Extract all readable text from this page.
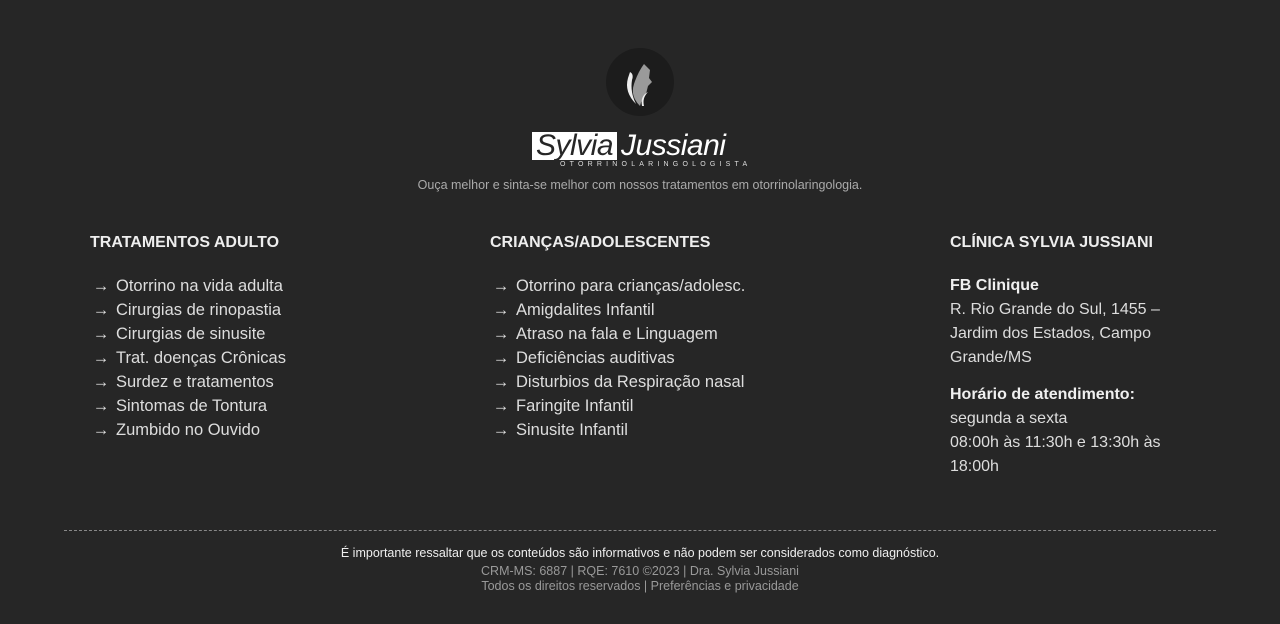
Sylvia Jussiani
OTORRINOLARINGOLOGISTA
Ouça melhor e sinta-se melhor com nossos tratamentos em otorrinolaringologia.
TRATAMENTOS ADULTO
→ Otorrino na vida adulta
→ Cirurgias de rinopastia
→ Cirurgias de sinusite
→ Trat. doenças Crônicas
→ Surdez e tratamentos
→ Sintomas de Tontura
→ Zumbido no Ouvido
CRIANÇAS/ADOLESCENTES
→ Otorrino para crianças/adolesc.
→ Amigdalites Infantil
→ Atraso na fala e Linguagem
→ Deficiências auditivas
→ Disturbios da Respiração nasal
→ Faringite Infantil
→ Sinusite Infantil
CLÍNICA SYLVIA JUSSIANI

FB Clinique

R. Rio Grande do Sul, 1455 – Jardim dos Estados, Campo Grande/MS

Horário de atendimento:

segunda a sexta

08:00h às 11:30h e 13:30h às 18:00h

É importante ressaltar que os conteúdos são informativos e não podem ser considerados como diagnóstico.
CRM-MS: 6887 | RQE: 7610 ©2023 | Dra. Sylvia Jussiani
Todos os direitos reservados | Preferências e privacidade
